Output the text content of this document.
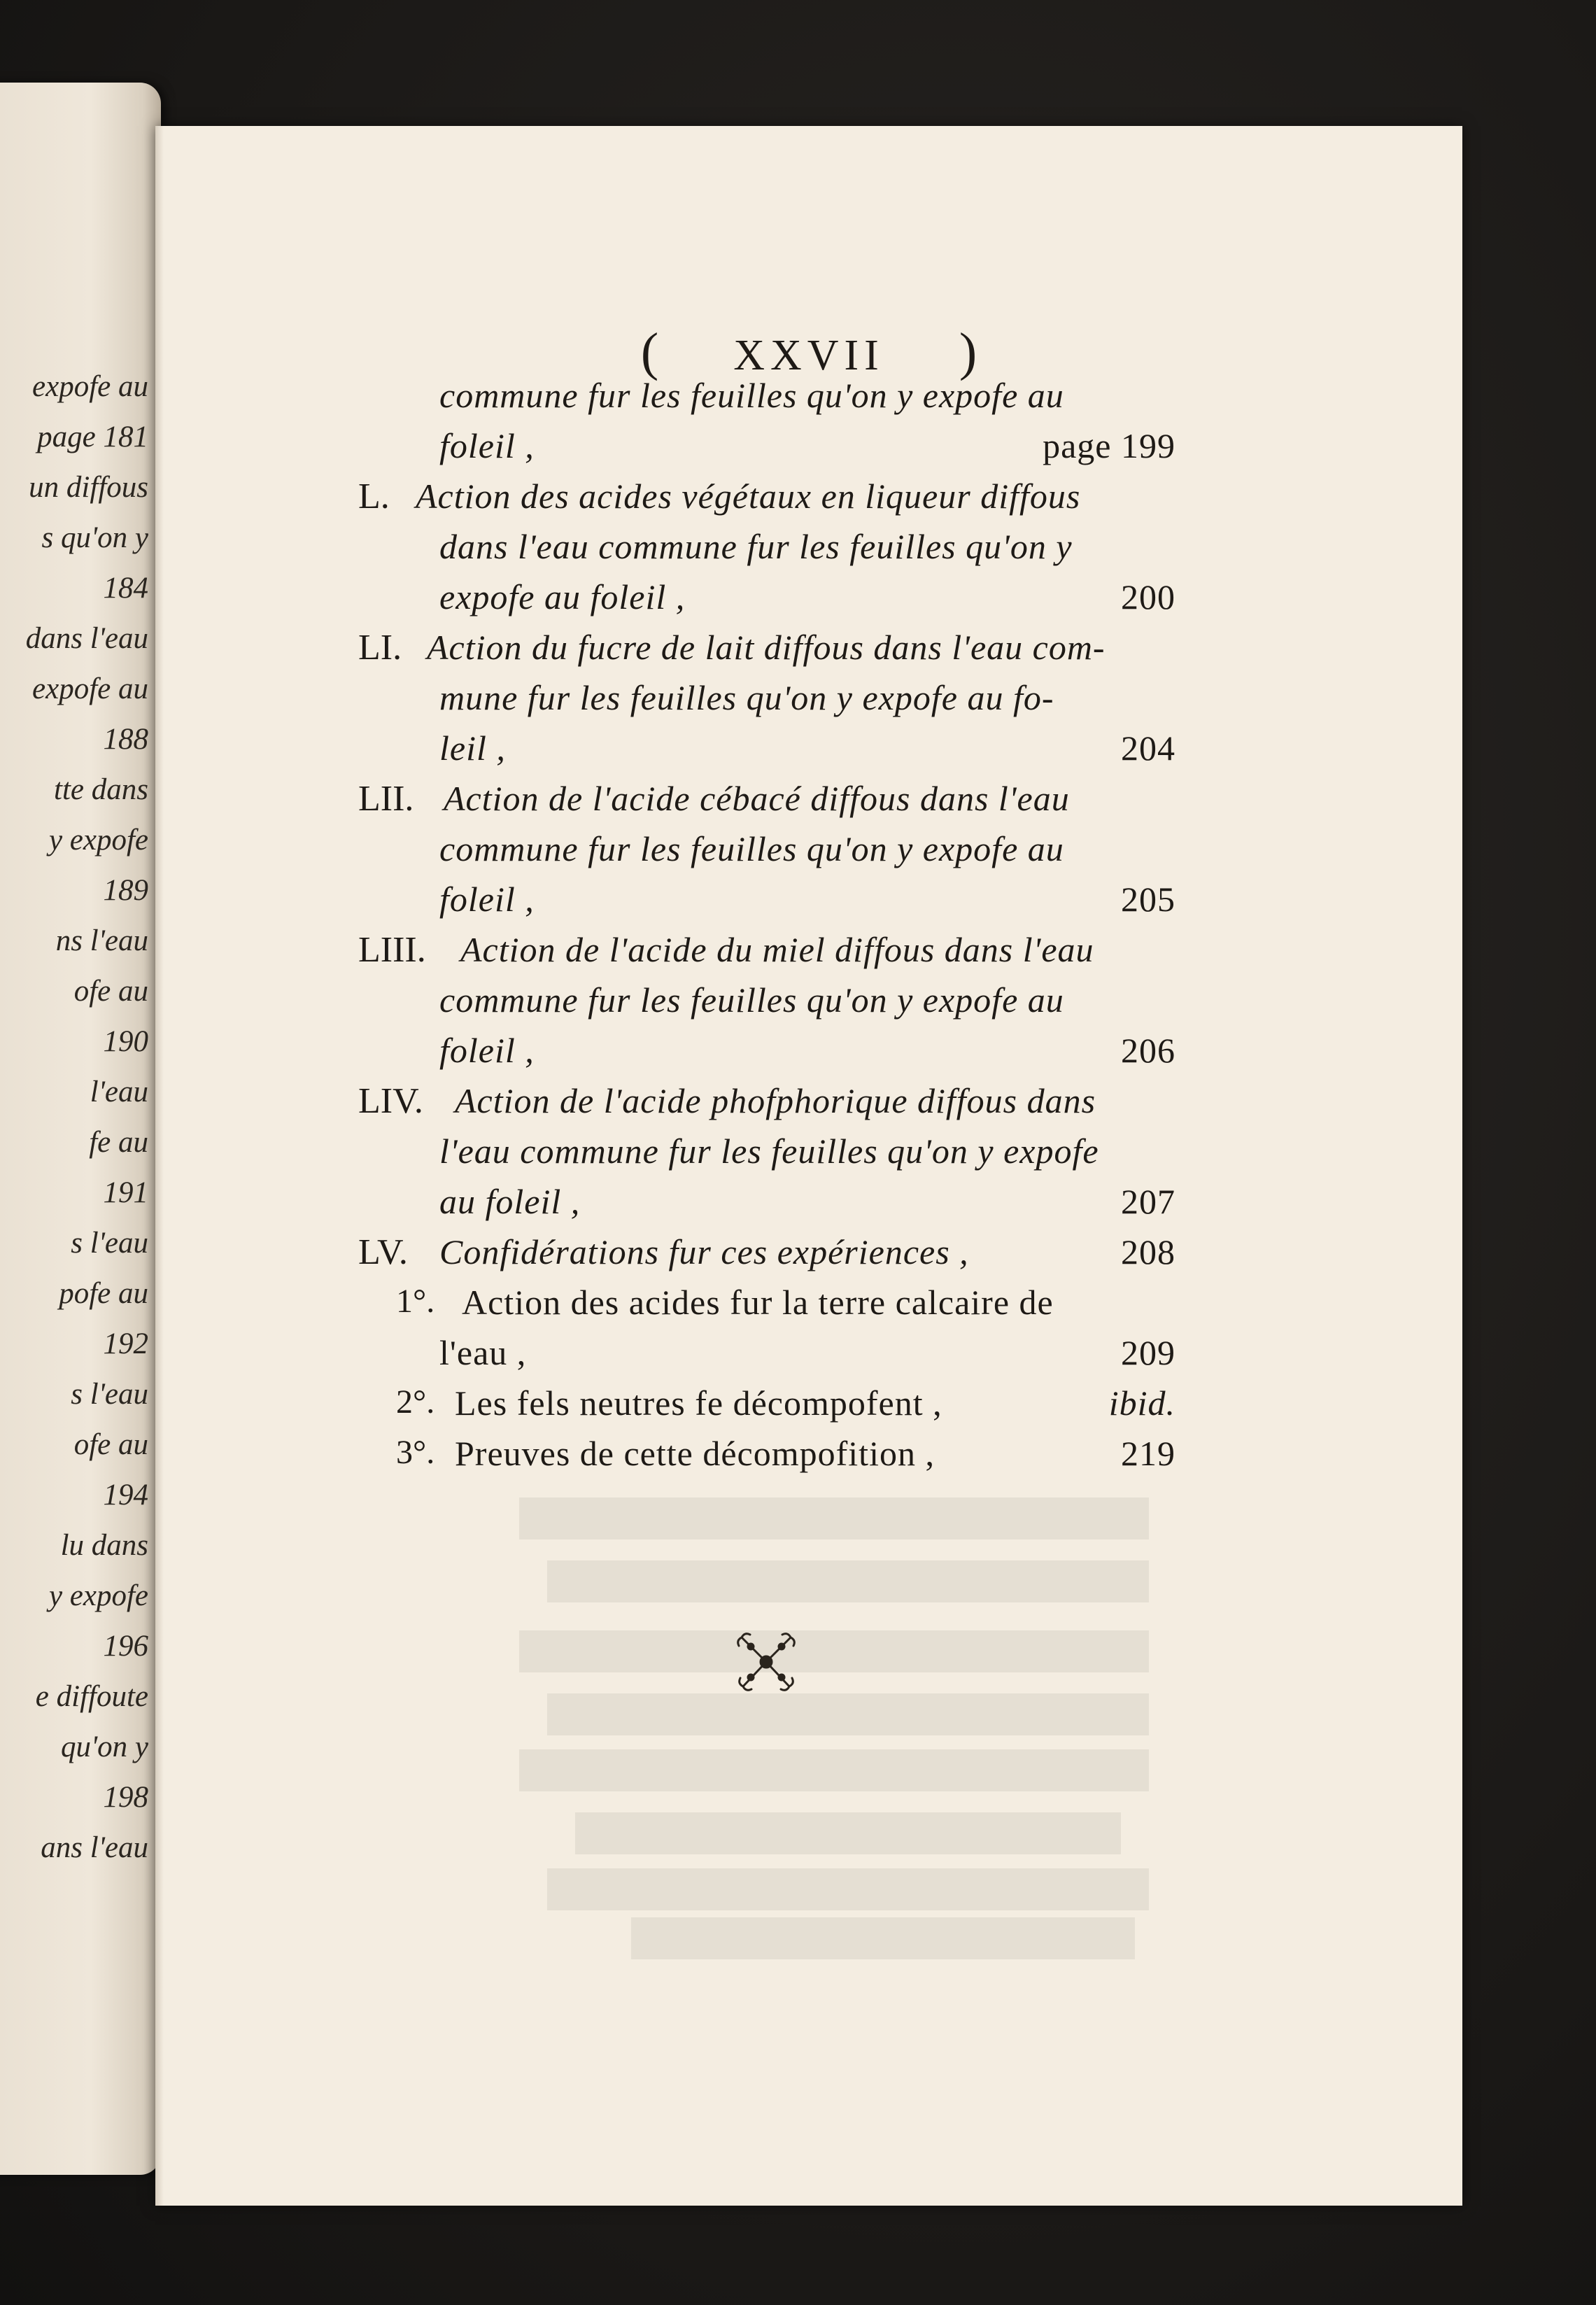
expofe au
page 181
un diffous
s qu'on y
184
dans l'eau
expofe au
188
tte dans
y expofe
189
ns l'eau
ofe au
190
l'eau
fe au
191
s l'eau
pofe au
192
s l'eau
ofe au
194
lu dans
y expofe
196
e diffoute
qu'on y
198
ans l'eau
( XXVII )
commune fur les feuilles qu'on y expofe au
foleil ,	page 199
L. Action des acides végétaux en liqueur diffous
dans l'eau commune fur les feuilles qu'on y
expofe au foleil ,	200
LI. Action du fucre de lait diffous dans l'eau com-
mune fur les feuilles qu'on y expofe au fo-
leil ,	204
LII. Action de l'acide cébacé diffous dans l'eau
commune fur les feuilles qu'on y expofe au
foleil ,	205
LIII. Action de l'acide du miel diffous dans l'eau
commune fur les feuilles qu'on y expofe au
foleil ,	206
LIV. Action de l'acide phofphorique diffous dans
l'eau commune fur les feuilles qu'on y expofe
au foleil ,	207
LV. Confidérations fur ces expériences ,	208
1°. Action des acides fur la terre calcaire de
l'eau ,	209
2°. Les fels neutres fe décompofent ,	ibid.
3°. Preuves de cette décompofition ,	219
